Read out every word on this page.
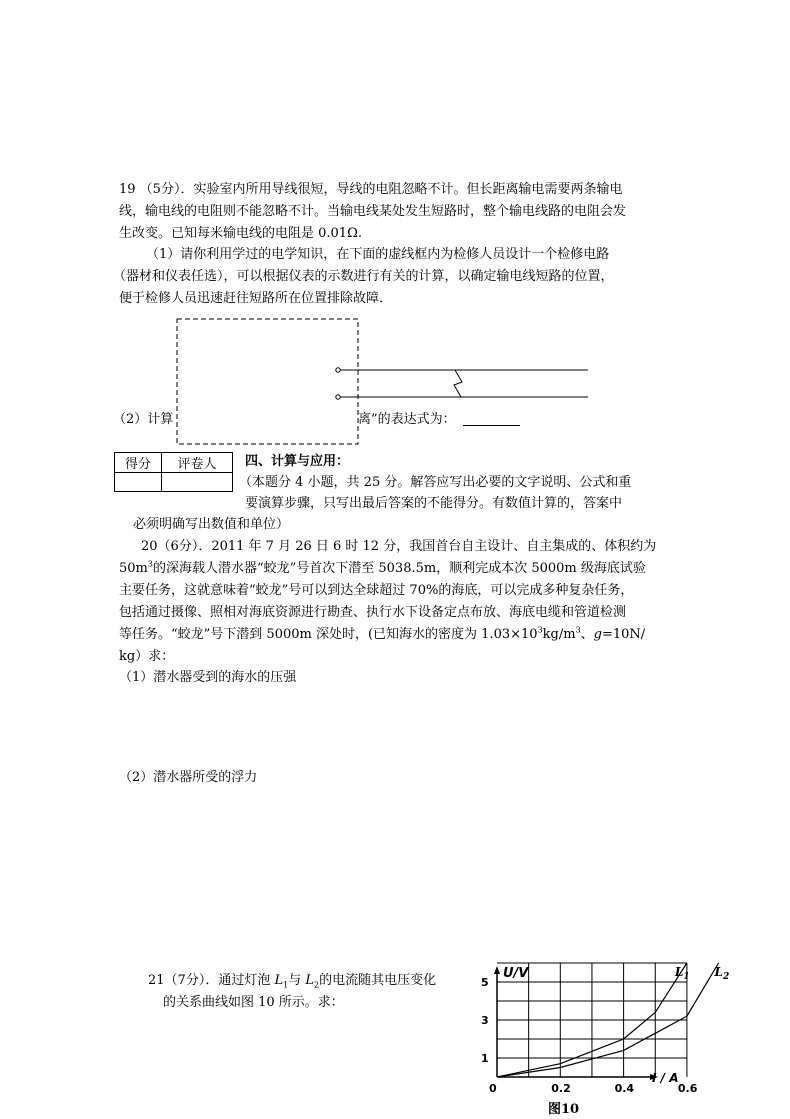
19 （5分）．实验室内所用导线很短，导线的电阻忽略不计。但长距离输电需要两条输电
线，输电线的电阻则不能忽略不计。当输电线某处发生短路时，整个输电线路的电阻会发
生改变。已知每米输电线的电阻是 0.01Ω.
（1）请你利用学过的电学知识，在下面的虚线框内为检修人员设计一个检修电路
（器材和仪表任选），可以根据仪表的示数进行有关的计算，以确定输电线短路的位置，
便于检修人员迅速赶往短路所在位置排除故障．
（2）计算	离”的表达式为：
得分	评卷人
	四、计算与应用：
（本题分 4 小题，共 25 分。解答应写出必要的文字说明、公式和重
要演算步骤，只写出最后答案的不能得分。有数值计算的，答案中
必须明确写出数值和单位）
20（6分）．2011 年 7 月 26 日 6 时 12 分，我国首台自主设计、自主集成的、体积约为
$50m^3$的深海载人潜水器“蛟龙”号首次下潜至 5038.5m，顺利完成本次 5000m 级海底试验
主要任务，这就意味着“蛟龙”号可以到达全球超过 70%的海底，可以完成多种复杂任务，
包括通过摄像、照相对海底资源进行勘查、执行水下设备定点布放、海底电缆和管道检测
等任务。“蛟龙”号下潜到 5000m 深处时，(已知海水的密度为 $1.03\times 10^3kg/m^3$、g=10N/
kg）求：
（1）潜水器受到的海水的压强
（2）潜水器所受的浮力
21（7分）．通过灯泡 $L_1$与 $L_2$的电流随其电压变化
的关系曲线如图 10 所示。求：
0	0.2	0.4	0.6
1
3
5
U/V
I / A
$L_1$ $L_2$
图10
